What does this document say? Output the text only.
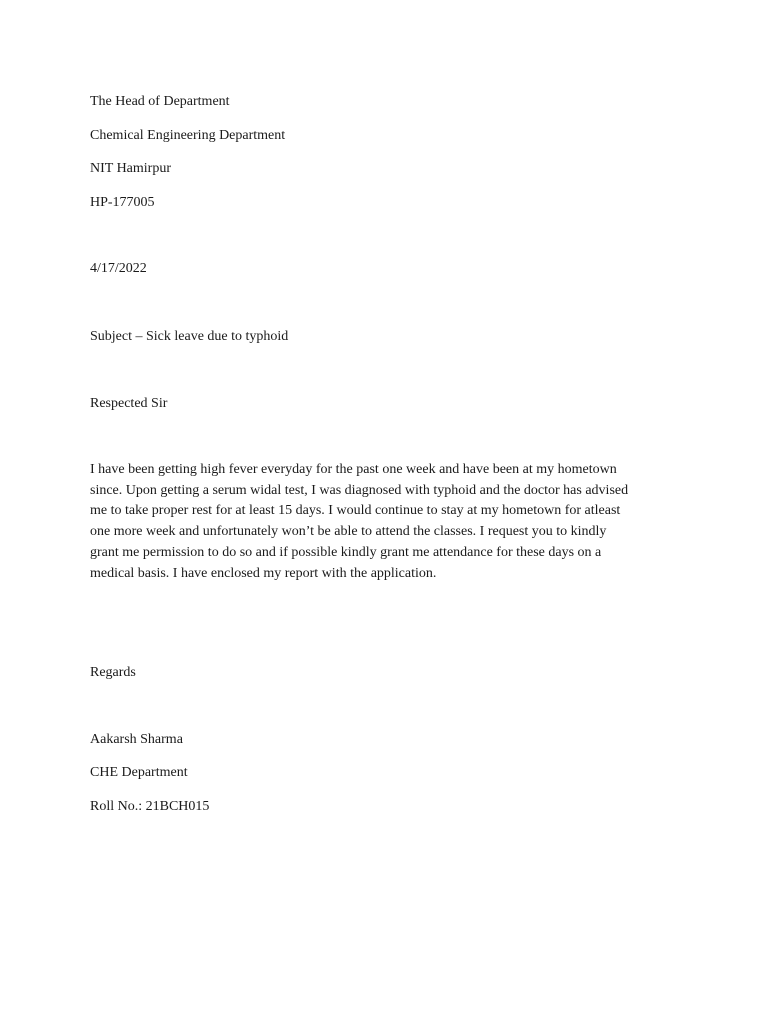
The Head of Department

Chemical Engineering Department

NIT Hamirpur

HP-177005

4/17/2022

Subject – Sick leave due to typhoid

Respected Sir

I have been getting high fever everyday for the past one week and have been at my hometown
since. Upon getting a serum widal test, I was diagnosed with typhoid and the doctor has advised
me to take proper rest for at least 15 days. I would continue to stay at my hometown for atleast
one more week and unfortunately won’t be able to attend the classes. I request you to kindly
grant me permission to do so and if possible kindly grant me attendance for these days on a
medical basis. I have enclosed my report with the application.

Regards

Aakarsh Sharma

CHE Department

Roll No.: 21BCH015
